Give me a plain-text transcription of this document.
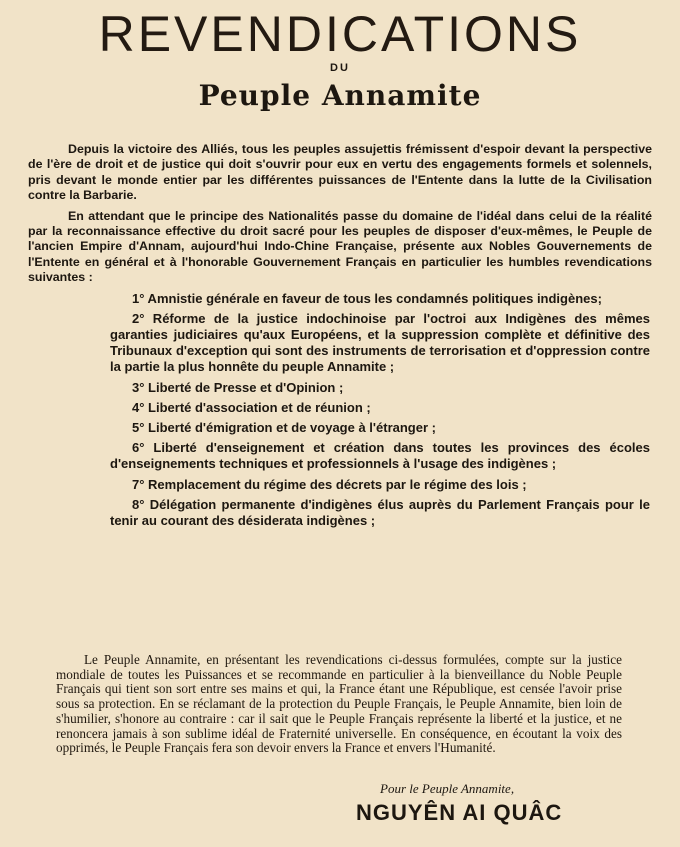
REVENDICATIONS
DU
Peuple Annamite

Depuis la victoire des Alliés, tous les peuples assujettis frémissent d'espoir devant la perspective de l'ère de droit et de justice qui doit s'ouvrir pour eux en vertu des engagements formels et solennels, pris devant le monde entier par les différentes puissances de l'Entente dans la lutte de la Civilisation contre la Barbarie.

En attendant que le principe des Nationalités passe du domaine de l'idéal dans celui de la réalité par la reconnaissance effective du droit sacré pour les peuples de disposer d'eux-mêmes, le Peuple de l'ancien Empire d'Annam, aujourd'hui Indo-Chine Française, présente aux Nobles Gouvernements de l'Entente en général et à l'honorable Gouvernement Français en particulier les humbles revendications suivantes :

1° Amnistie générale en faveur de tous les condamnés politiques indigènes;

2° Réforme de la justice indochinoise par l'octroi aux Indigènes des mêmes garanties judiciaires qu'aux Européens, et la suppression complète et définitive des Tribunaux d'exception qui sont des instruments de terrorisation et d'oppression contre la partie la plus honnête du peuple Annamite ;

3° Liberté de Presse et d'Opinion ;

4° Liberté d'association et de réunion ;

5° Liberté d'émigration et de voyage à l'étranger ;

6° Liberté d'enseignement et création dans toutes les provinces des écoles d'enseignements techniques et professionnels à l'usage des indigènes ;

7° Remplacement du régime des décrets par le régime des lois ;

8° Délégation permanente d'indigènes élus auprès du Parlement Français pour le tenir au courant des désiderata indigènes ;

Le Peuple Annamite, en présentant les revendications ci-dessus formulées, compte sur la justice mondiale de toutes les Puissances et se recommande en particulier à la bienveillance du Noble Peuple Français qui tient son sort entre ses mains et qui, la France étant une République, est censée l'avoir prise sous sa protection. En se réclamant de la protection du Peuple Français, le Peuple Annamite, bien loin de s'humilier, s'honore au contraire : car il sait que le Peuple Français représente la liberté et la justice, et ne renoncera jamais à son sublime idéal de Fraternité universelle. En conséquence, en écoutant la voix des opprimés, le Peuple Français fera son devoir envers la France et envers l'Humanité.

Pour le Peuple Annamite,
NGUYÊN AI QUÂC
